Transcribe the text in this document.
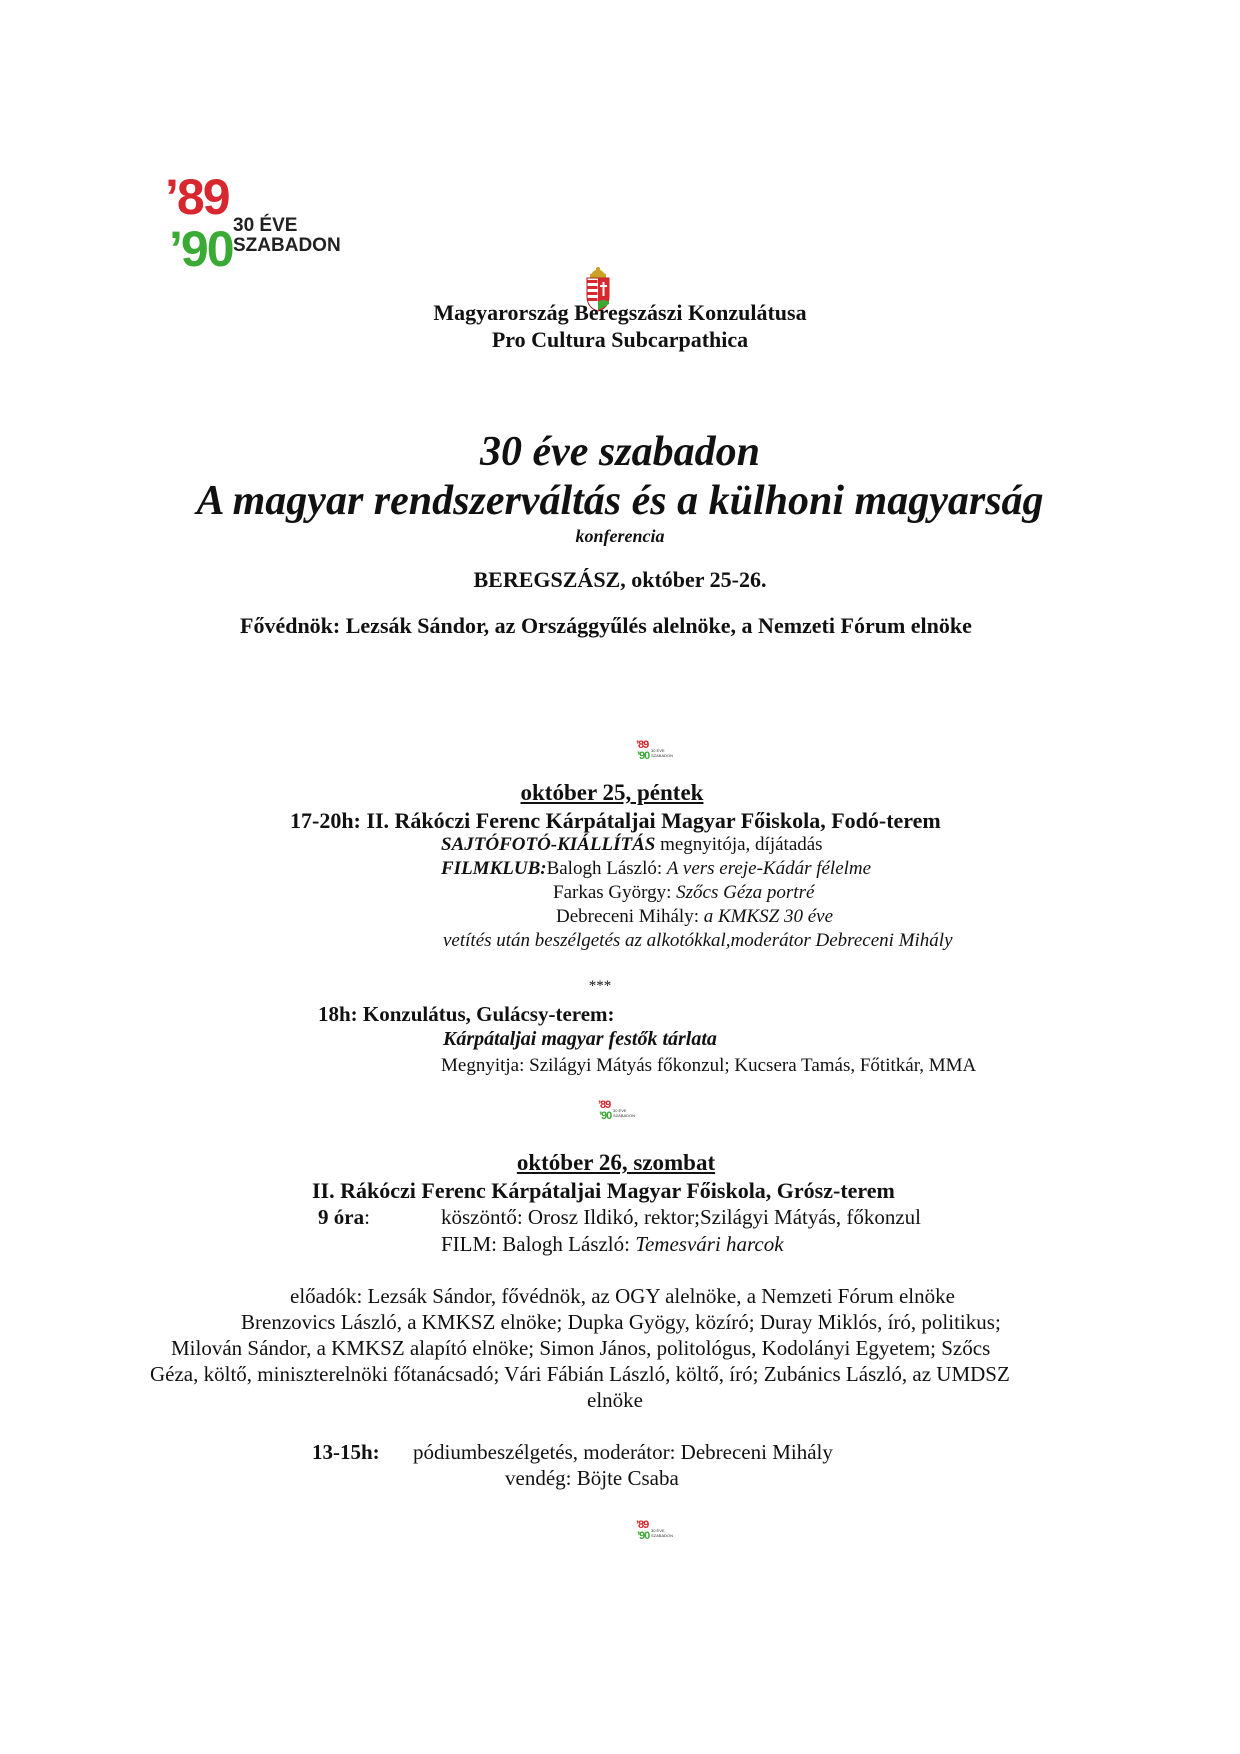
’89
’90 30 ÉVE
SZABADON
Magyarország Beregszászi Konzulátusa
Pro Cultura Subcarpathica
30 éve szabadon
A magyar rendszerváltás és a külhoni magyarság
konferencia
BEREGSZÁSZ, október 25-26.
Fővédnök: Lezsák Sándor, az Országgyűlés alelnöke, a Nemzeti Fórum elnöke
’89
’90 30 ÉVE
SZABADON
október 25, péntek
17-20h: II. Rákóczi Ferenc Kárpátaljai Magyar Főiskola, Fodó-terem
SAJTÓFOTÓ-KIÁLLÍTÁS megnyitója, díjátadás
FILMKLUB:Balogh László: A vers ereje-Kádár félelme
Farkas György: Szőcs Géza portré
Debreceni Mihály: a KMKSZ 30 éve
vetítés után beszélgetés az alkotókkal,moderátor Debreceni Mihály
***
18h: Konzulátus, Gulácsy-terem:
Kárpátaljai magyar festők tárlata
Megnyitja: Szilágyi Mátyás főkonzul; Kucsera Tamás, Főtitkár, MMA
’89
’90 30 ÉVE
SZABADON
október 26, szombat
II. Rákóczi Ferenc Kárpátaljai Magyar Főiskola, Grósz-terem
9 óra:	köszöntő: Orosz Ildikó, rektor;Szilágyi Mátyás, főkonzul
FILM: Balogh László: Temesvári harcok
előadók: Lezsák Sándor, fővédnök, az OGY alelnöke, a Nemzeti Fórum elnöke
Brenzovics László, a KMKSZ elnöke; Dupka Gyögy, közíró; Duray Miklós, író, politikus;
Milován Sándor, a KMKSZ alapító elnöke; Simon János, politológus, Kodolányi Egyetem; Szőcs
Géza, költő, miniszterelnöki főtanácsadó; Vári Fábián László, költő, író; Zubánics László, az UMDSZ
elnöke
13-15h: pódiumbeszélgetés, moderátor: Debreceni Mihály
vendég: Böjte Csaba
’89
’90 30 ÉVE
SZABADON
